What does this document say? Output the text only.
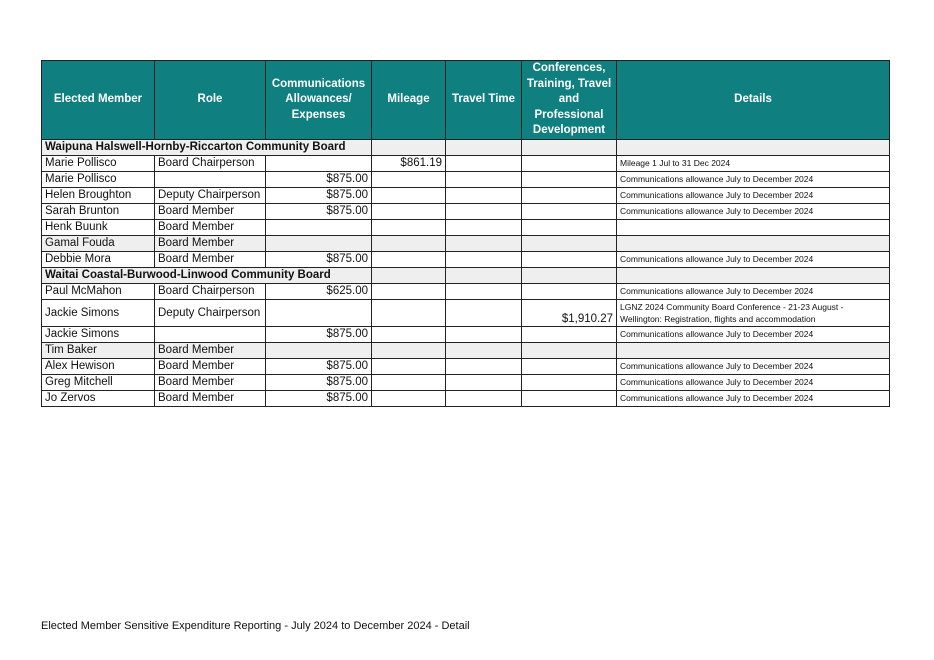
Elected Member	Role	Communications Allowances/ Expenses	Mileage	Travel Time	Conferences, Training, Travel and Professional Development	Details
Waipuna Halswell-Hornby-Riccarton Community Board						
Marie Pollisco	Board Chairperson		$861.19			Mileage 1 Jul to 31 Dec 2024
Marie Pollisco		$875.00				Communications allowance July to December 2024
Helen Broughton	Deputy Chairperson	$875.00				Communications allowance July to December 2024
Sarah Brunton	Board Member	$875.00				Communications allowance July to December 2024
Henk Buunk	Board Member					
Gamal Fouda	Board Member					
Debbie Mora	Board Member	$875.00				Communications allowance July to December 2024
Waitai Coastal-Burwood-Linwood Community Board						
Paul McMahon	Board Chairperson	$625.00				Communications allowance July to December 2024
Jackie Simons	Deputy Chairperson				$1,910.27	LGNZ 2024 Community Board Conference - 21-23 August - Wellington: Registration, flights and accommodation
Jackie Simons		$875.00				Communications allowance July to December 2024
Tim Baker	Board Member					
Alex Hewison	Board Member	$875.00				Communications allowance July to December 2024
Greg Mitchell	Board Member	$875.00				Communications allowance July to December 2024
Jo Zervos	Board Member	$875.00				Communications allowance July to December 2024
Elected Member Sensitive Expenditure Reporting - July 2024 to December 2024 - Detail
